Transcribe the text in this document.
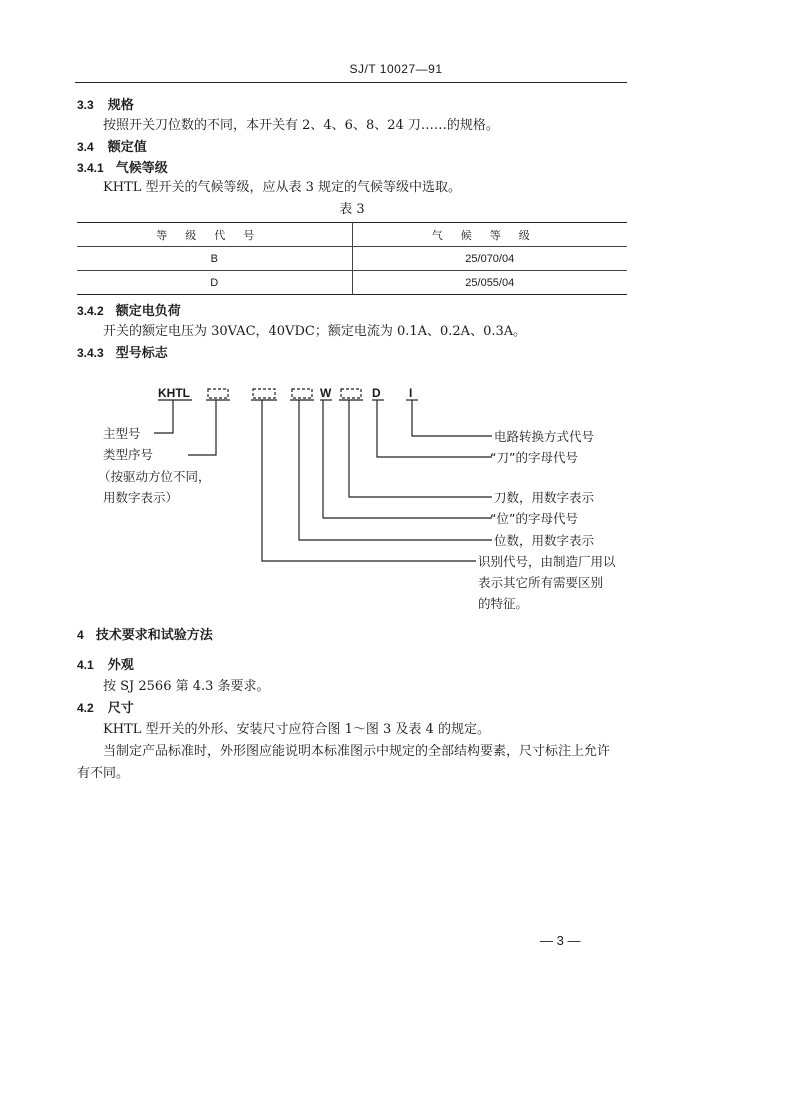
SJ/T 10027—91
3.3 规格
按照开关刀位数的不同，本开关有 2、4、6、8、24 刀……的规格。
3.4 额定值
3.4.1 气候等级
KHTL 型开关的气候等级，应从表 3 规定的气候等级中选取。
表 3
等级代号	气候等级
B	25/070/04
D	25/055/04
3.4.2 额定电负荷
开关的额定电压为 30VAC，40VDC；额定电流为 0.1A、0.2A、0.3A。
3.4.3 型号标志
KHTL	W	D I
主型号
类型序号
（按驱动方位不同，
用数字表示）
电路转换方式代号
“刀”的字母代号
刀数，用数字表示
“位”的字母代号
位数，用数字表示
识别代号，由制造厂用以
表示其它所有需要区别
的特征。
4 技术要求和试验方法
4.1 外观
按 SJ 2566 第 4.3 条要求。
4.2 尺寸
KHTL 型开关的外形、安装尺寸应符合图 1～图 3 及表 4 的规定。
当制定产品标准时，外形图应能说明本标准图示中规定的全部结构要素，尺寸标注上允许
有不同。
— 3 —
